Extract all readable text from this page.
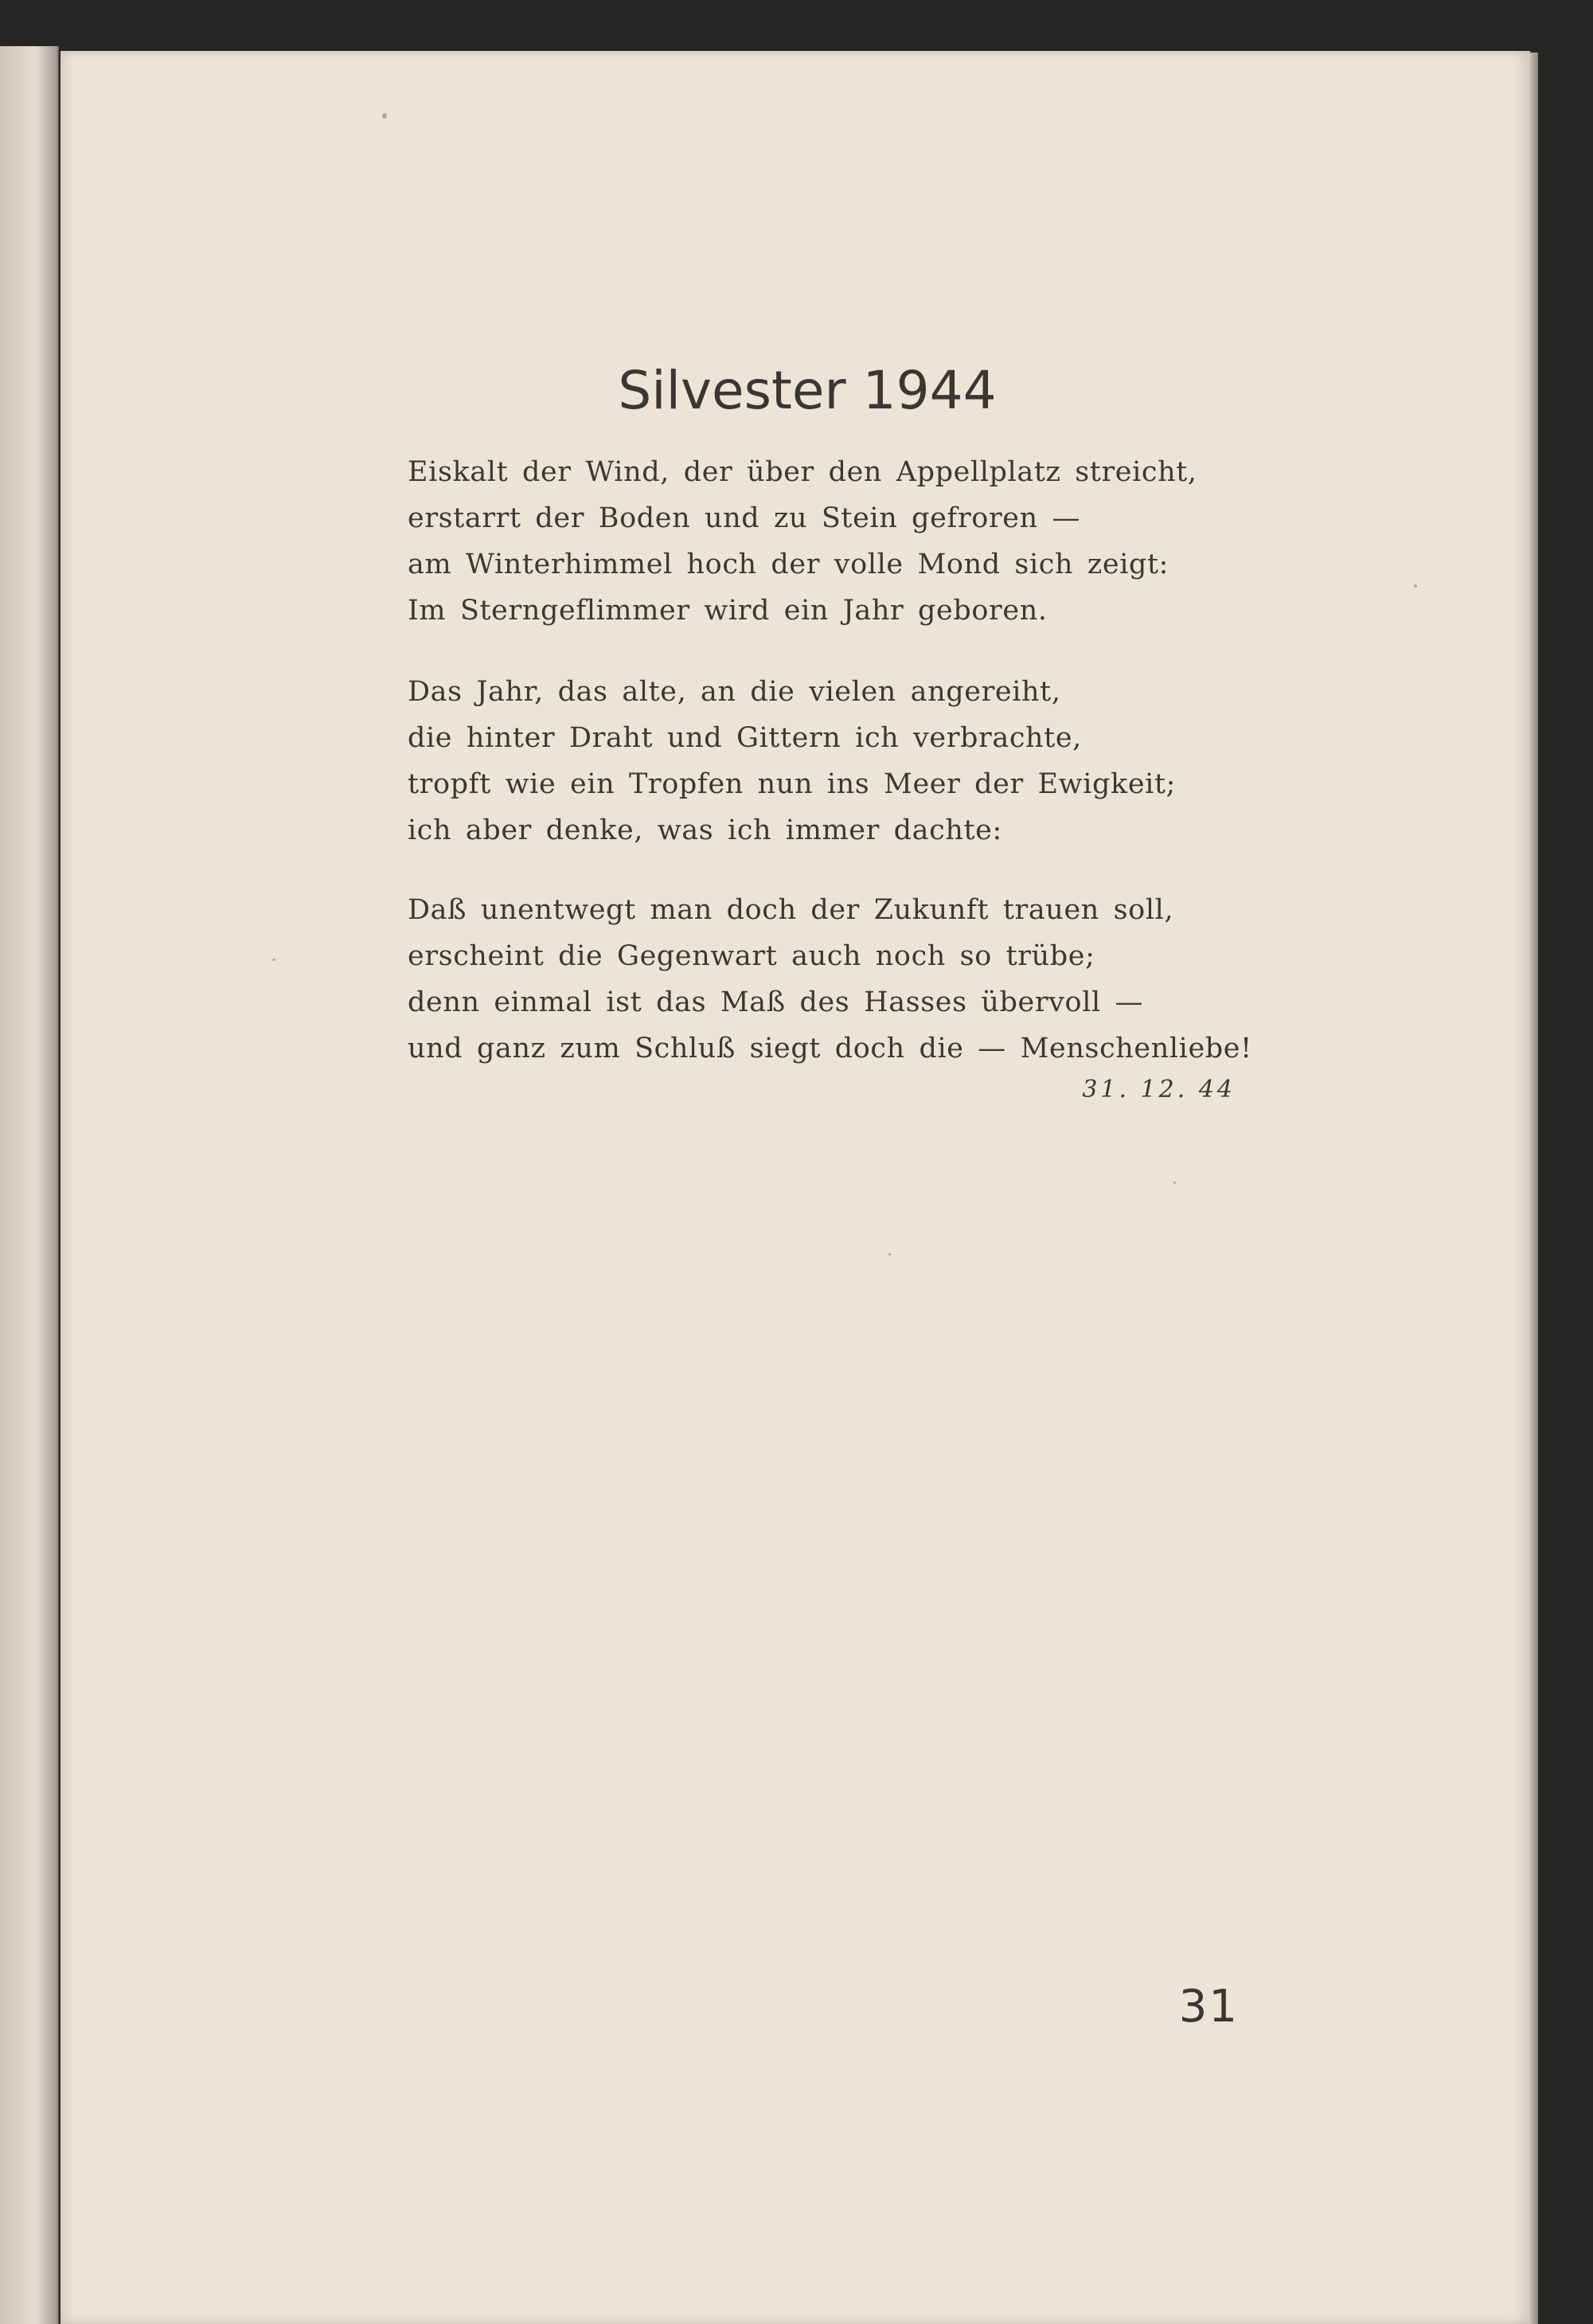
Silvester 1944
Eiskalt der Wind, der über den Appellplatz streicht,
erstarrt der Boden und zu Stein gefroren —
am Winterhimmel hoch der volle Mond sich zeigt:
Im Sterngeflimmer wird ein Jahr geboren.
Das Jahr, das alte, an die vielen angereiht,
die hinter Draht und Gittern ich verbrachte,
tropft wie ein Tropfen nun ins Meer der Ewigkeit;
ich aber denke, was ich immer dachte:
Daß unentwegt man doch der Zukunft trauen soll,
erscheint die Gegenwart auch noch so trübe;
denn einmal ist das Maß des Hasses übervoll —
und ganz zum Schluß siegt doch die — Menschenliebe!
31. 12. 44
31
